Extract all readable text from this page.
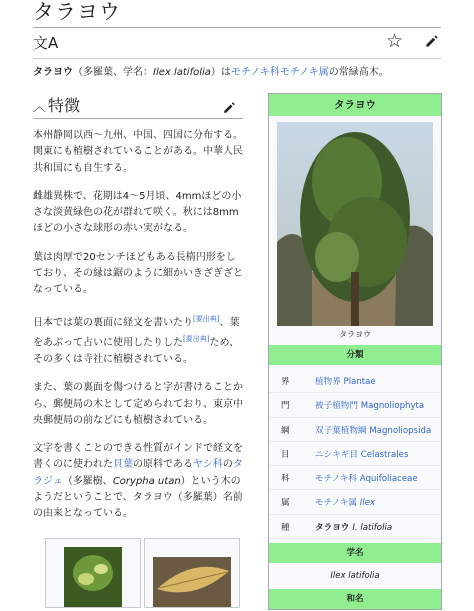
タラヨウ
文A	☆
タラヨウ（多羅葉、学名：Ilex latifolia）はモチノキ科モチノキ属の常緑高木。
︿ 特徴

本州静岡以西〜九州、中国、四国に分布する。関東にも植樹されていることがある。中華人民共和国にも自生する。

雌雄異株で、花期は4〜5月頃、4mmほどの小さな淡黄緑色の花が群れて咲く。秋には8mmほどの小さな球形の赤い実がなる。

葉は肉厚で20センチほどもある長楕円形をしており、その縁は鋸のように細かいきざぎざとなっている。

日本では葉の裏面に経文を書いたり[要出典]、葉をあぶって占いに使用したりした[要出典]ため、その多くは寺社に植樹されている。

また、葉の裏面を傷つけると字が書けることから、郵便局の木として定められており、東京中央郵便局の前などにも植樹されている。

文字を書くことのできる性質がインドで経文を書くのに使われた貝葉の原料であるヤシ科のタラジュ（多羅樹、Corypha utan）という木のようだということで、タラヨウ（多羅葉）名前の由来となっている。

タラヨウ
タラヨウ
分類
界	植物界 Plantae
門	被子植物門 Magnoliophyta
綱	双子葉植物綱 Magnoliopsida
目	ニシキギ目 Celastrales
科	モチノキ科 Aquifoliaceae
属	モチノキ属 Ilex
種	タラヨウ I. latifolia
学名
Ilex latifolia
和名
